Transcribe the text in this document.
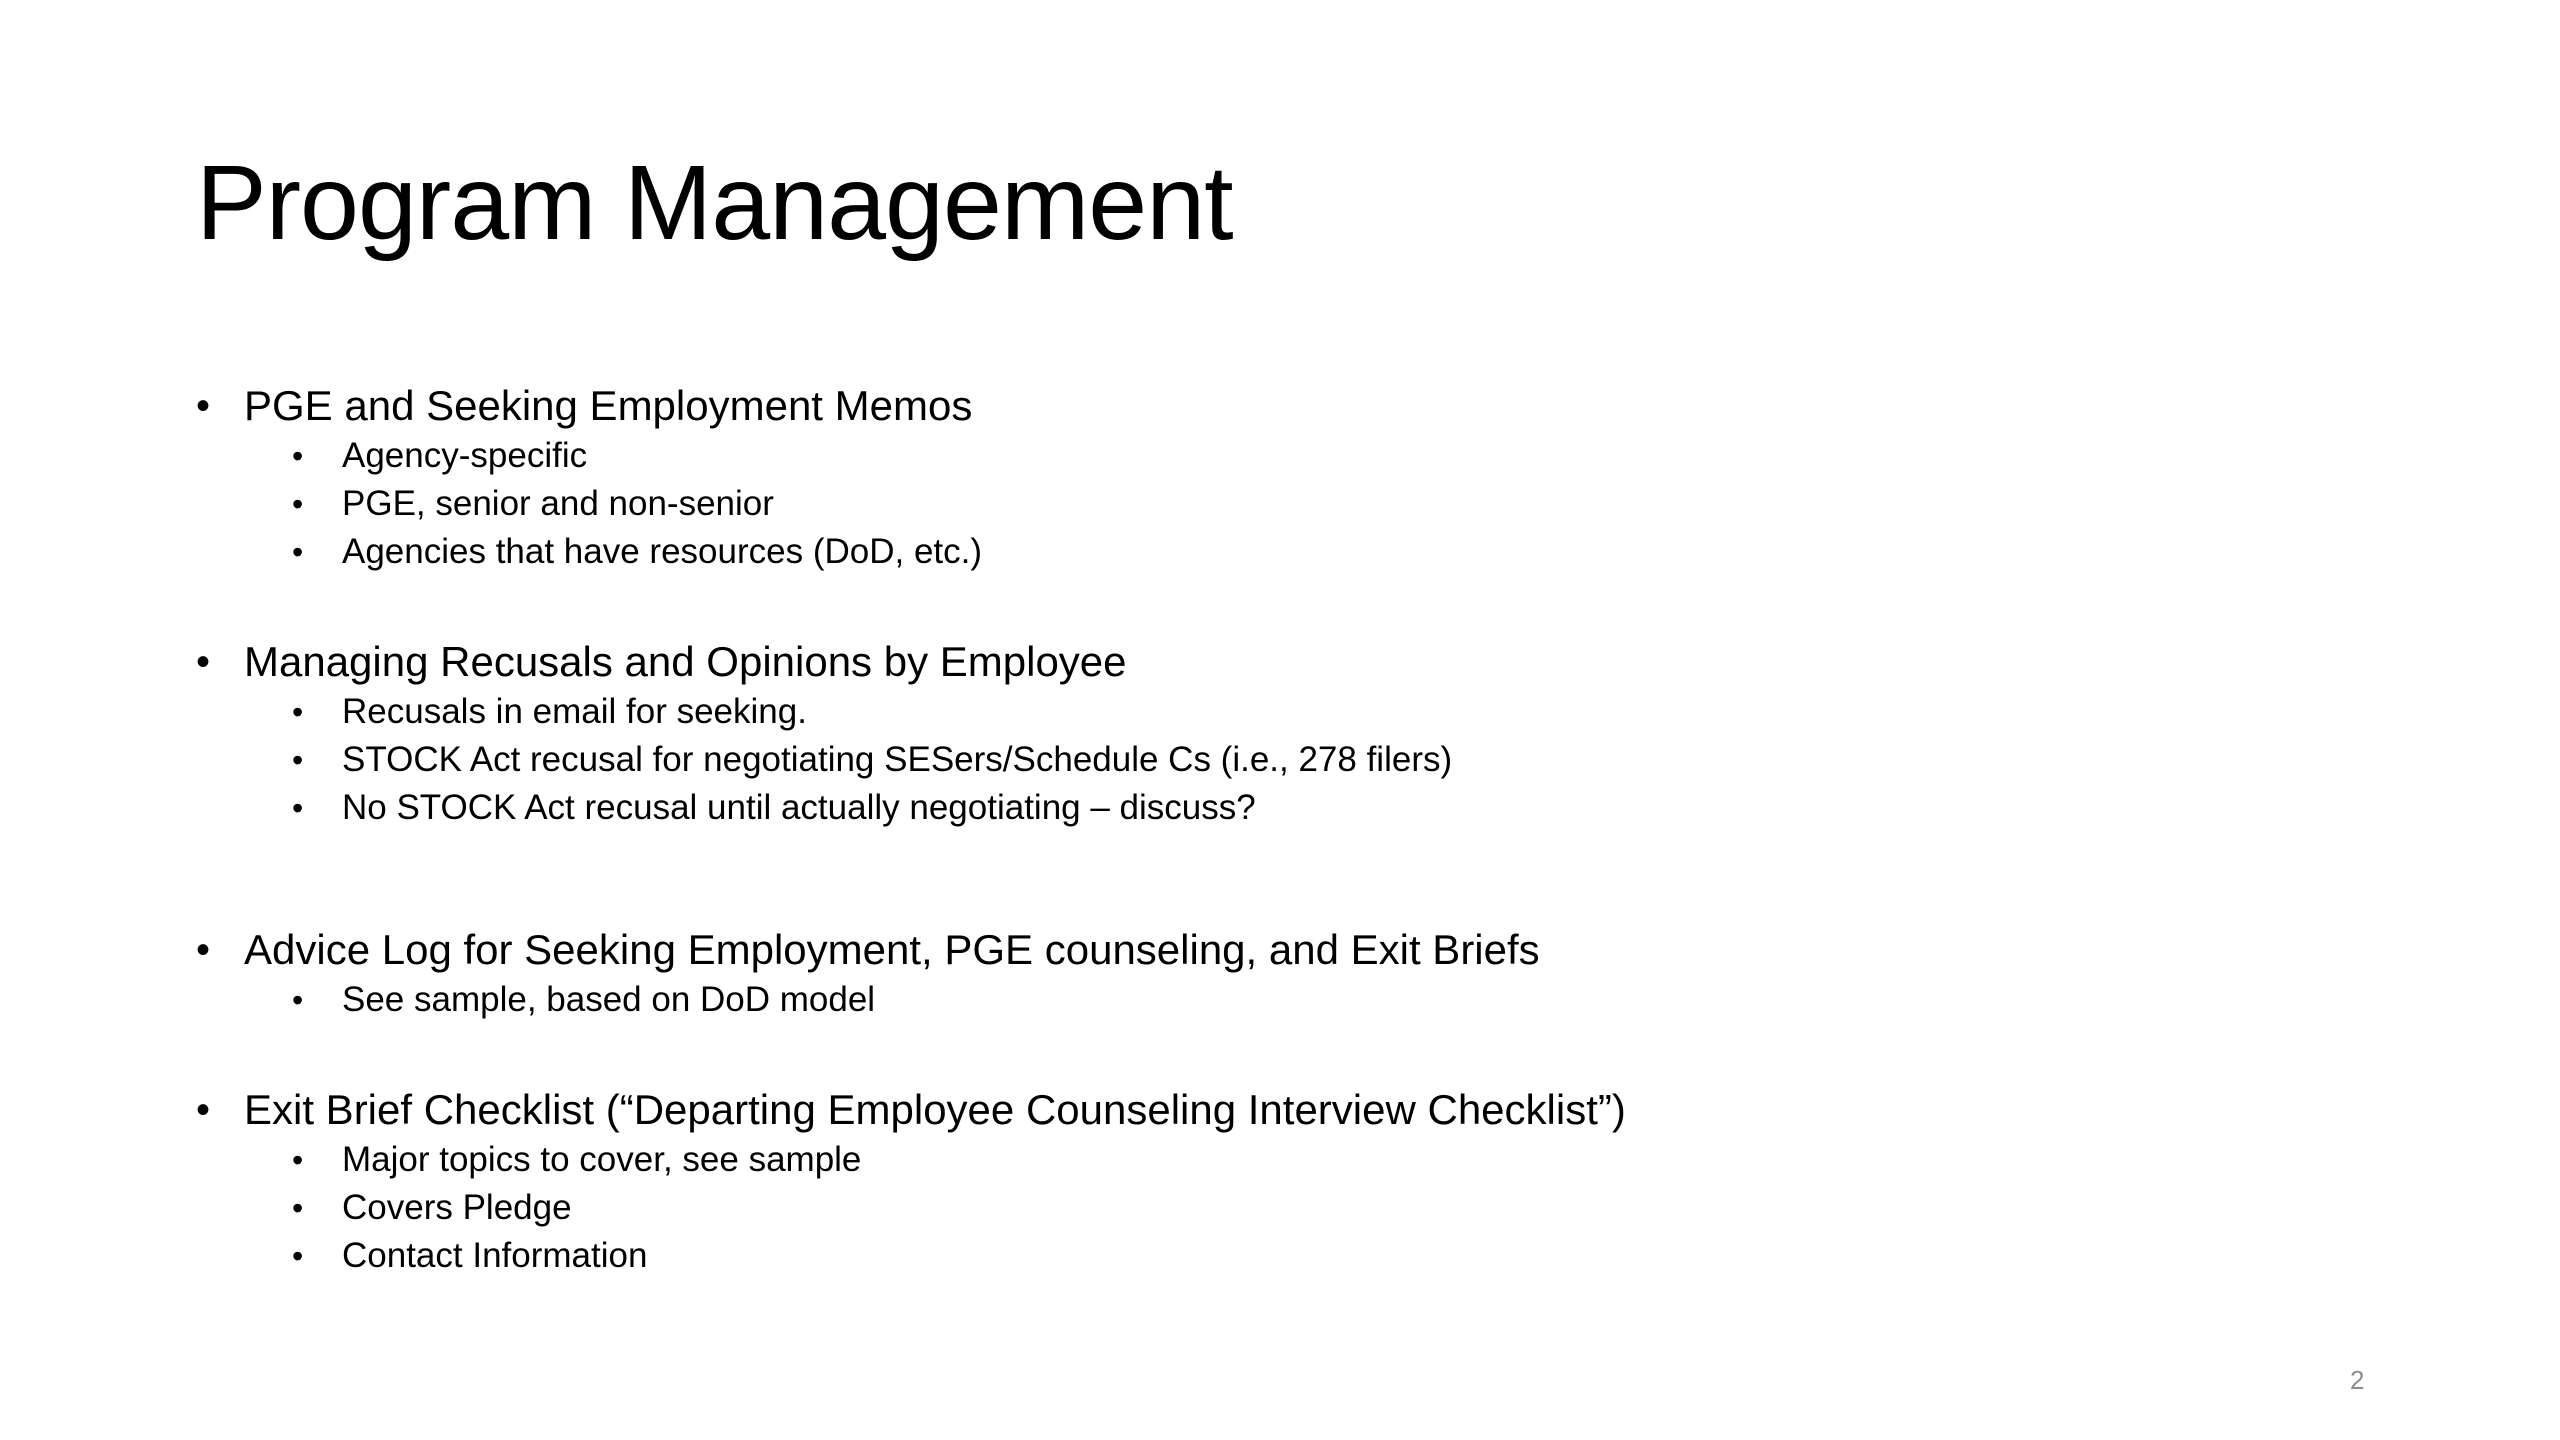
Program Management
• PGE and Seeking Employment Memos
• Agency-specific
• PGE, senior and non-senior
• Agencies that have resources (DoD, etc.)
• Managing Recusals and Opinions by Employee
• Recusals in email for seeking.
• STOCK Act recusal for negotiating SESers/Schedule Cs (i.e., 278 filers)
• No STOCK Act recusal until actually negotiating – discuss?
• Advice Log for Seeking Employment, PGE counseling, and Exit Briefs
• See sample, based on DoD model
• Exit Brief Checklist (“Departing Employee Counseling Interview Checklist”)
• Major topics to cover, see sample
• Covers Pledge
• Contact Information
2
